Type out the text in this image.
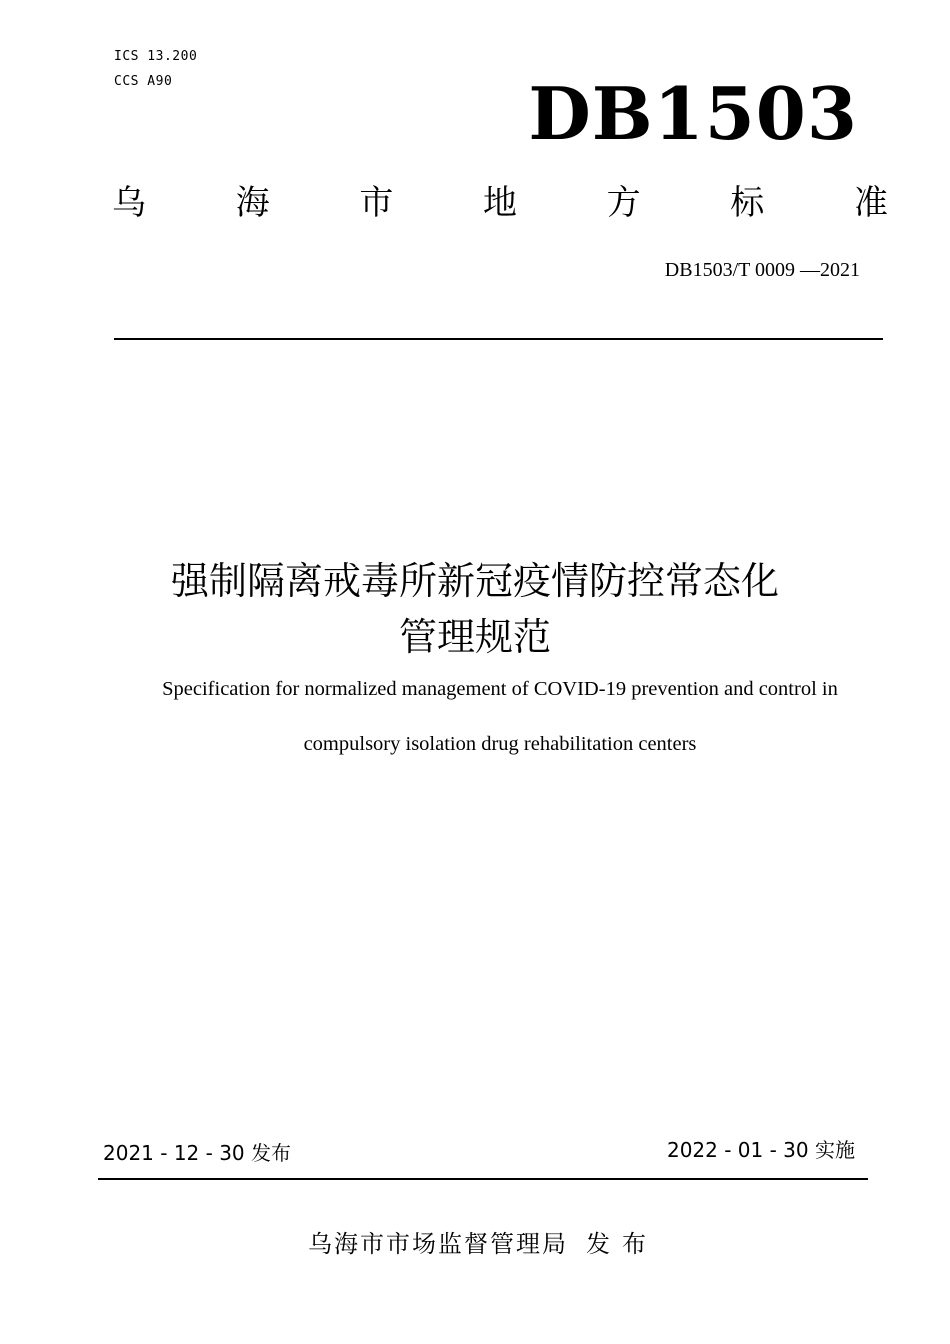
ICS 13.200
CCS A90	DB1503
乌	海	市	地	方	标	准
DB1503/T 0009 —2021
强制隔离戒毒所新冠疫情防控常态化
管理规范
Specification for normalized management of COVID-19 prevention and control in
compulsory isolation drug rehabilitation centers
2021 - 12 - 30 发布	2022 - 01 - 30 实施
乌海市市场监督管理局 发布
